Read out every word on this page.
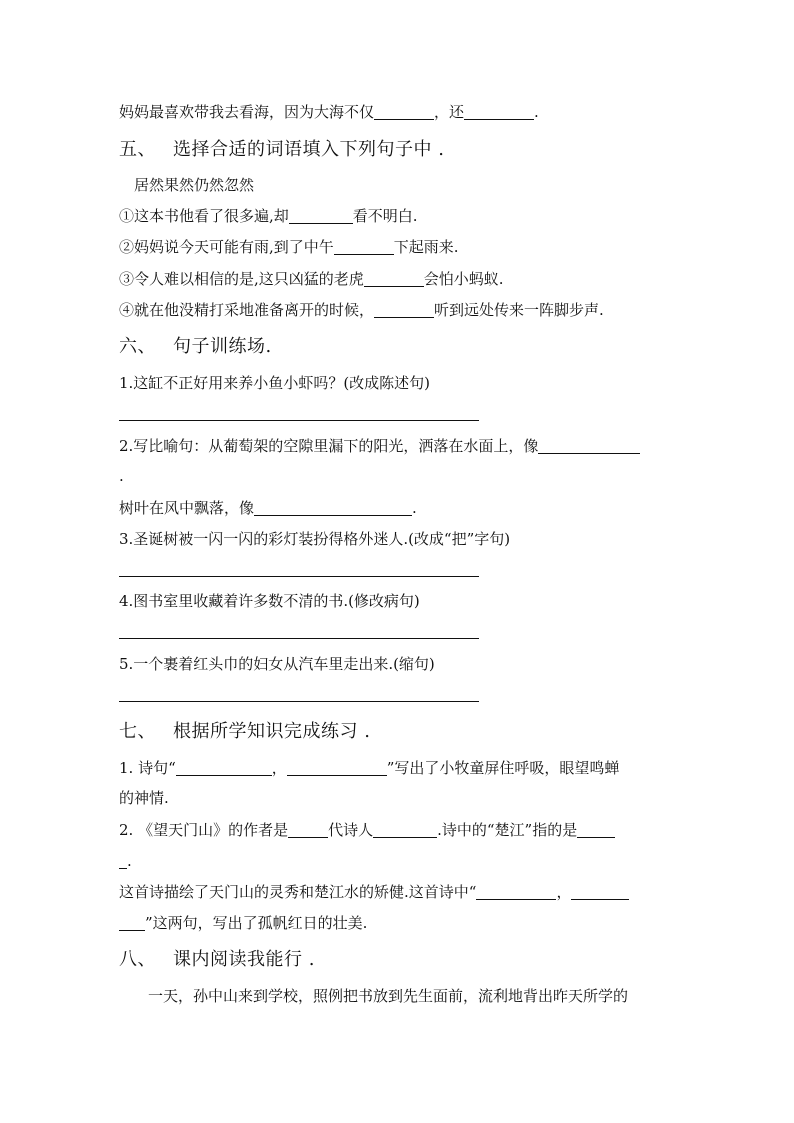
妈妈最喜欢带我去看海，因为大海不仅	，还	.
五、 选择合适的词语填入下列句子中 .
居然果然仍然忽然
①这本书他看了很多遍,却	看不明白.
②妈妈说今天可能有雨,到了中午	下起雨来.
③令人难以相信的是,这只凶猛的老虎	会怕小蚂蚁.
④就在他没精打采地准备离开的时候，	听到远处传来一阵脚步声.
六、 句子训练场.
1.这缸不正好用来养小鱼小虾吗？(改成陈述句)
2.写比喻句：从葡萄架的空隙里漏下的阳光，洒落在水面上，像
.
树叶在风中飘落，像	.
3.圣诞树被一闪一闪的彩灯装扮得格外迷人.(改成“把”字句)
4.图书室里收藏着许多数不清的书.(修改病句)
5.一个裹着红头巾的妇女从汽车里走出来.(缩句)
七、 根据所学知识完成练习 .
1. 诗句“	，	”写出了小牧童屏住呼吸，眼望鸣蝉
的神情.
2. 《望天门山》的作者是	代诗人	.诗中的“楚江”指的是
.
这首诗描绘了天门山的灵秀和楚江水的矫健.这首诗中“	，
”这两句，写出了孤帆红日的壮美.
八、 课内阅读我能行 .
一天，孙中山来到学校，照例把书放到先生面前，流利地背出昨天所学的
